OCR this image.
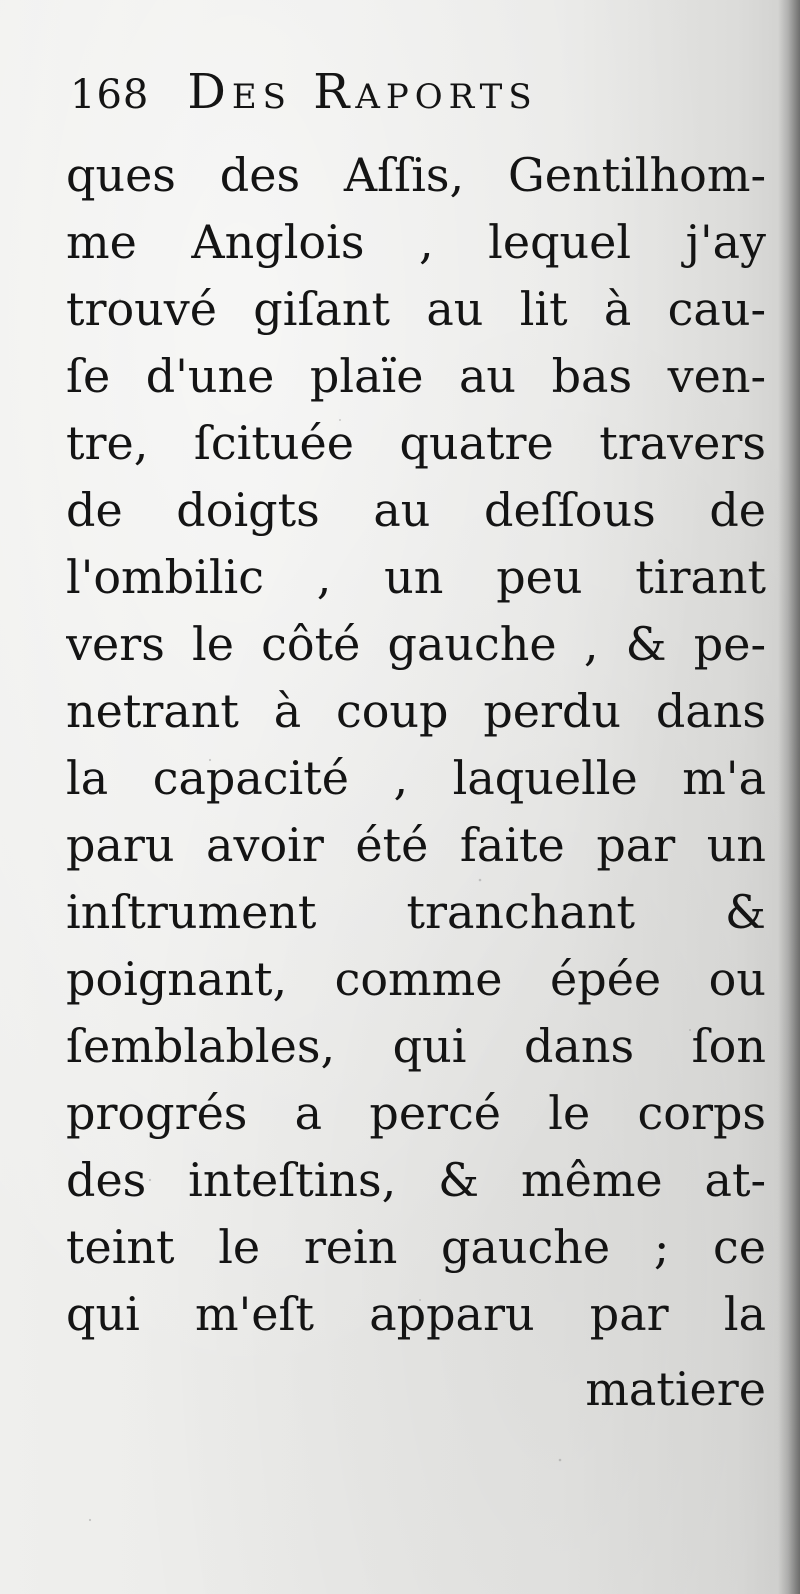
168 Des Raports
ques des Aſſis, Gentilhom-
me Anglois , lequel j'ay
trouvé giſant au lit à cau-
ſe d'une plaïe au bas ven-
tre, ſcituée quatre travers
de doigts au deſſous de
l'ombilic , un peu tirant
vers le côté gauche , & pe-
netrant à coup perdu dans
la capacité , laquelle m'a
paru avoir été faite par un
inſtrument tranchant &
poignant, comme épée ou
ſemblables, qui dans ſon
progrés a percé le corps
des inteſtins, & même at-
teint le rein gauche ; ce
qui m'eſt apparu par la
matiere
